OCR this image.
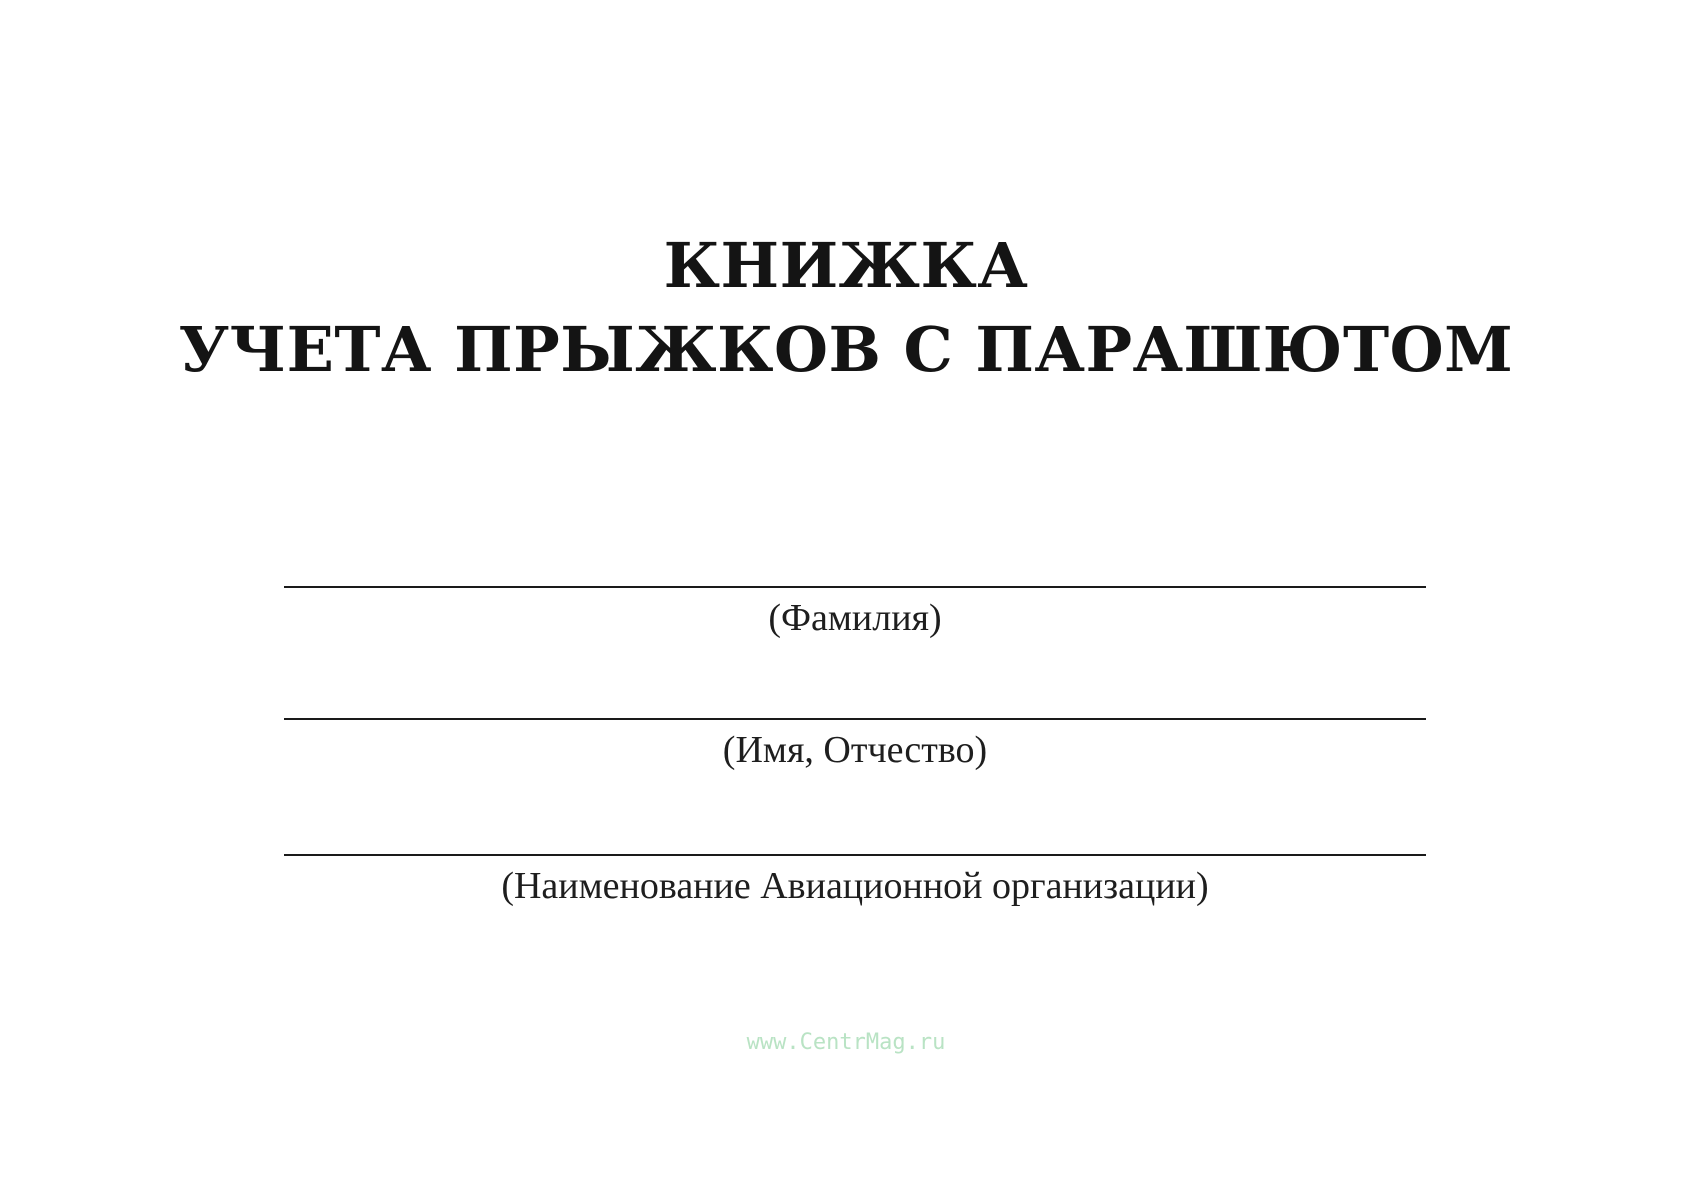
КНИЖКА
УЧЕТА ПРЫЖКОВ С ПАРАШЮТОМ
(Фамилия)
(Имя, Отчество)
(Наименование Авиационной организации)
www.CentrMag.ru
